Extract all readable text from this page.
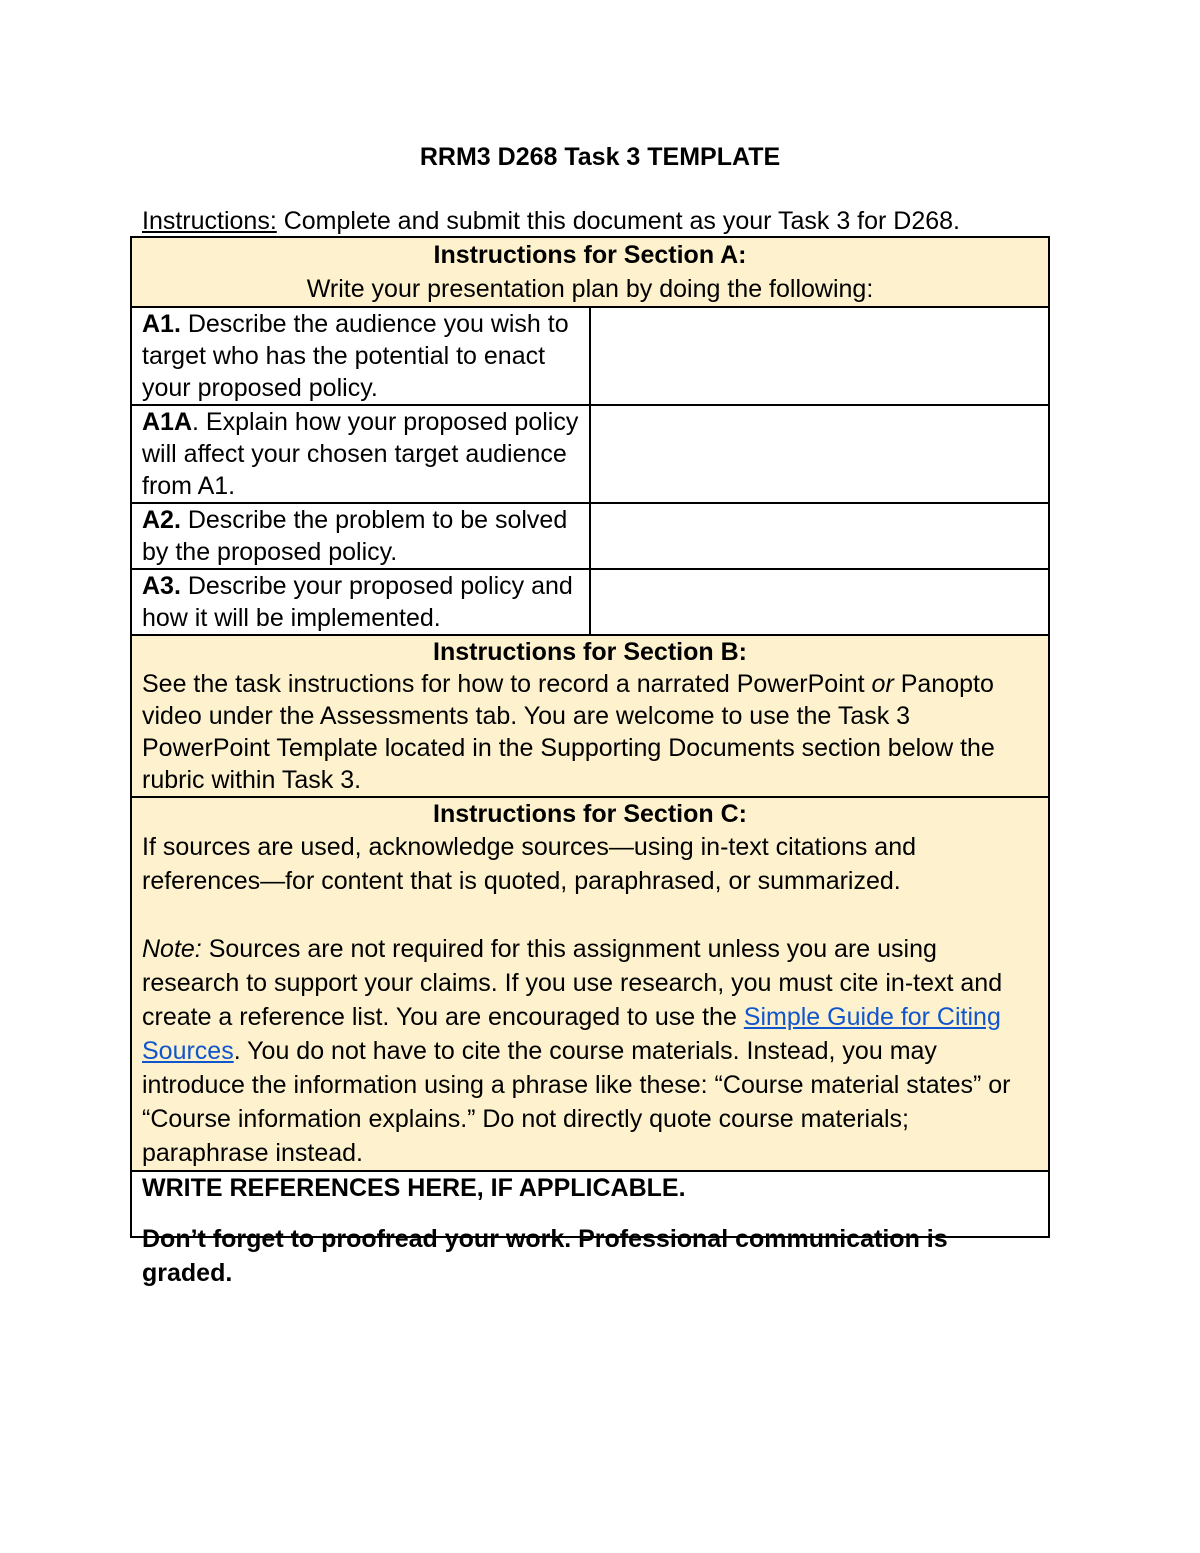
RRM3 D268 Task 3 TEMPLATE
Instructions: Complete and submit this document as your Task 3 for D268.
Instructions for Section A:
Write your presentation plan by doing the following:	

A1. Describe the audience you wish to target who has the potential to enact your proposed policy.	
A1A. Explain how your proposed policy will affect your chosen target audience from A1.	
A2. Describe the problem to be solved by the proposed policy.	
A3. Describe your proposed policy and how it will be implemented.	

Instructions for Section B:
See the task instructions for how to record a narrated PowerPoint or Panopto video under the Assessments tab. You are welcome to use the Task 3 PowerPoint Template located in the Supporting Documents section below the rubric within Task 3.	

Instructions for Section C:
If sources are used, acknowledge sources—using in-text citations and references—for content that is quoted, paraphrased, or summarized.
Note: Sources are not required for this assignment unless you are using research to support your claims. If you use research, you must cite in-text and create a reference list. You are encouraged to use the Simple Guide for Citing Sources. You do not have to cite the course materials. Instead, you may introduce the information using a phrase like these: “Course material states” or “Course information explains.” Do not directly quote course materials; paraphrase instead.	

WRITE REFERENCES HERE, IF APPLICABLE.	
Don’t forget to proofread your work. Professional communication is graded.
